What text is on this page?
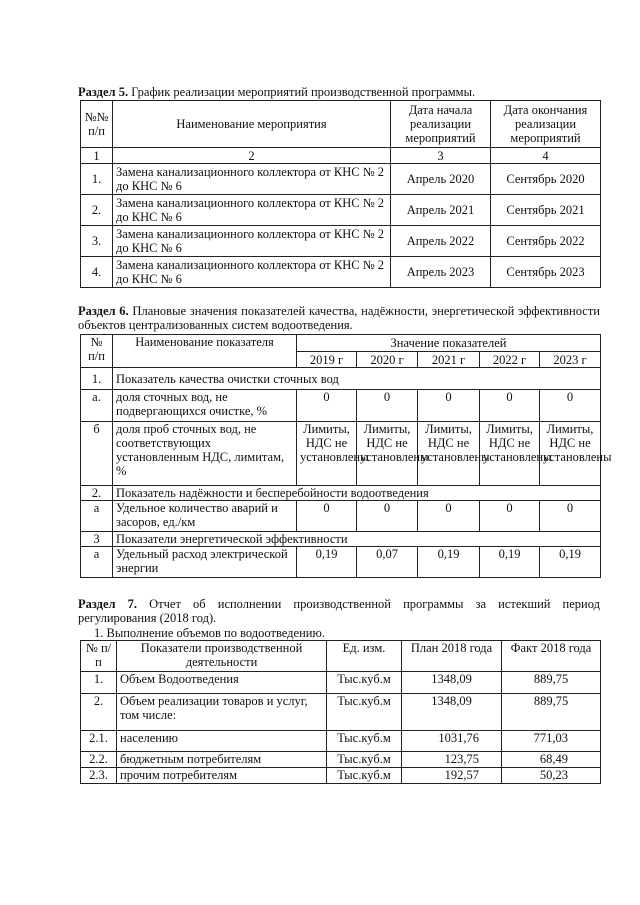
Раздел 5. График реализации мероприятий производственной программы.
№№ п/п	Наименование мероприятия	Дата начала реализации мероприятий	Дата окончания реализации мероприятий
1	2	3	4
1.	Замена канализационного коллектора от КНС № 2 до КНС № 6	Апрель 2020	Сентябрь 2020
2.	Замена канализационного коллектора от КНС № 2 до КНС № 6	Апрель 2021	Сентябрь 2021
3.	Замена канализационного коллектора от КНС № 2 до КНС № 6	Апрель 2022	Сентябрь 2022
4.	Замена канализационного коллектора от КНС № 2 до КНС № 6	Апрель 2023	Сентябрь 2023
Раздел 6. Плановые значения показателей качества, надёжности, энергетической эффективности объектов централизованных систем водоотведения.
№ п/п	Наименование показателя	Значение показателей				
		2019 г	2020 г	2021 г	2022 г	2023 г
1.	Показатель качества очистки сточных вод					
а.	доля сточных вод, не подвергающихся очистке, %	0	0	0	0	0
б	доля проб сточных вод, не соответствующих установленным НДС, лимитам, %	Лимиты, НДС не установлены	Лимиты, НДС не установлены	Лимиты, НДС не установлены	Лимиты, НДС не установлены	Лимиты, НДС не установлены
2.	Показатель надёжности и бесперебойности водоотведения					
а	Удельное количество аварий и засоров, ед./км	0	0	0	0	0
3	Показатели энергетической эффективности					
а	Удельный расход электрической энергии	0,19	0,07	0,19	0,19	0,19
Раздел 7. Отчет об исполнении производственной программы за истекший период регулирования (2018 год).
1. Выполнение объемов по водоотведению.
№ п/п	Показатели производственной деятельности	Ед. изм.	План 2018 года	Факт 2018 года
1.	Объем Водоотведения	Тыс.куб.м	1348,09	889,75
2.	Объем реализации товаров и услуг, том числе:	Тыс.куб.м	1348,09	889,75
2.1.	населению	Тыс.куб.м	1031,76	771,03
2.2.	бюджетным потребителям	Тыс.куб.м	123,75	68,49
2.3.	прочим потребителям	Тыс.куб.м	192,57	50,23
